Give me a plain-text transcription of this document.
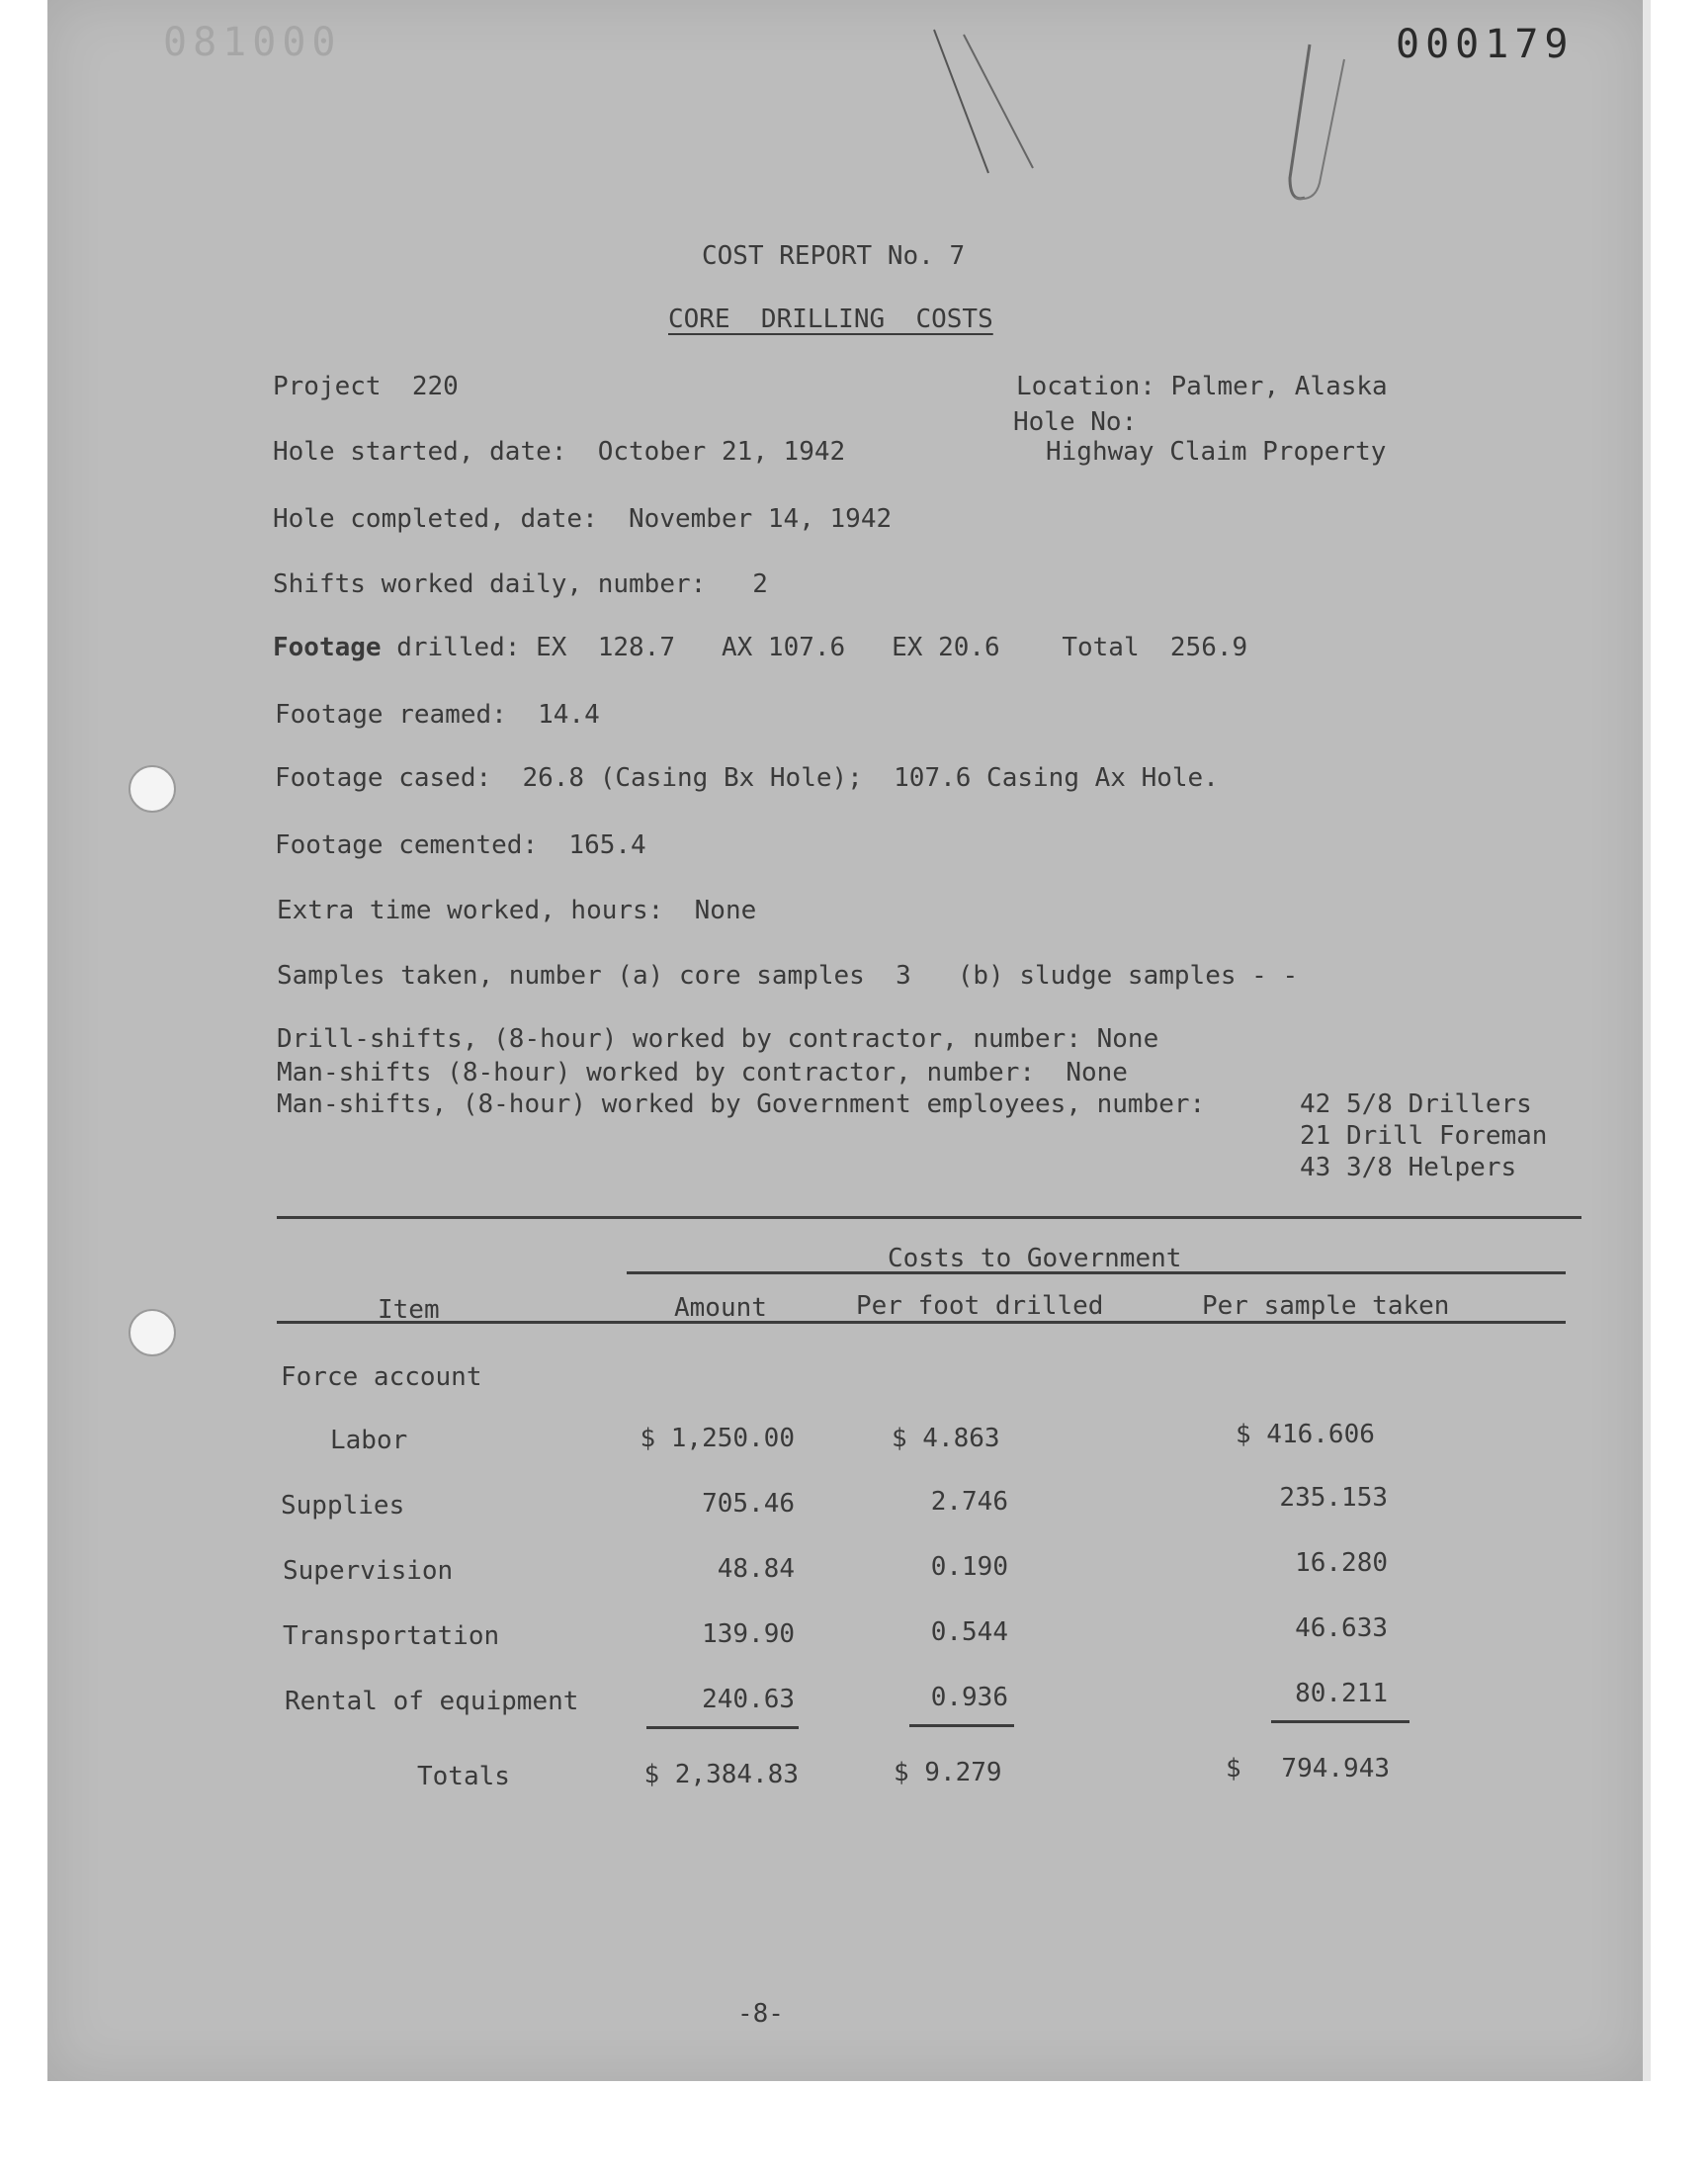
081000	000179
COST REPORT No. 7
CORE  DRILLING  COSTS
Project  220	Location: Palmer, Alaska
Hole No:
Highway Claim Property
Hole started, date:  October 21, 1942
Hole completed, date:  November 14, 1942
Shifts worked daily, number:   2
Footage drilled: EX  128.7   AX 107.6   EX 20.6    Total  256.9
Footage reamed:  14.4
Footage cased:  26.8 (Casing Bx Hole);  107.6 Casing Ax Hole.
Footage cemented:  165.4
Extra time worked, hours:  None
Samples taken, number (a) core samples  3   (b) sludge samples - -
Drill-shifts, (8-hour) worked by contractor, number: None
Man-shifts (8-hour) worked by contractor, number:  None
Man-shifts, (8-hour) worked by Government employees, number:	42 5/8 Drillers
21 Drill Foreman
43 3/8 Helpers
Costs to Government
Item	Amount	Per foot drilled	Per sample taken
Force account
Labor	$ 1,250.00	$ 4.863	$ 416.606
Supplies	705.46	2.746	235.153
Supervision	48.84	0.190	16.280
Transportation	139.90	0.544	46.633
Rental of equipment	240.63	0.936	80.211
Totals	$ 2,384.83	$ 9.279	$	794.943
-8-
